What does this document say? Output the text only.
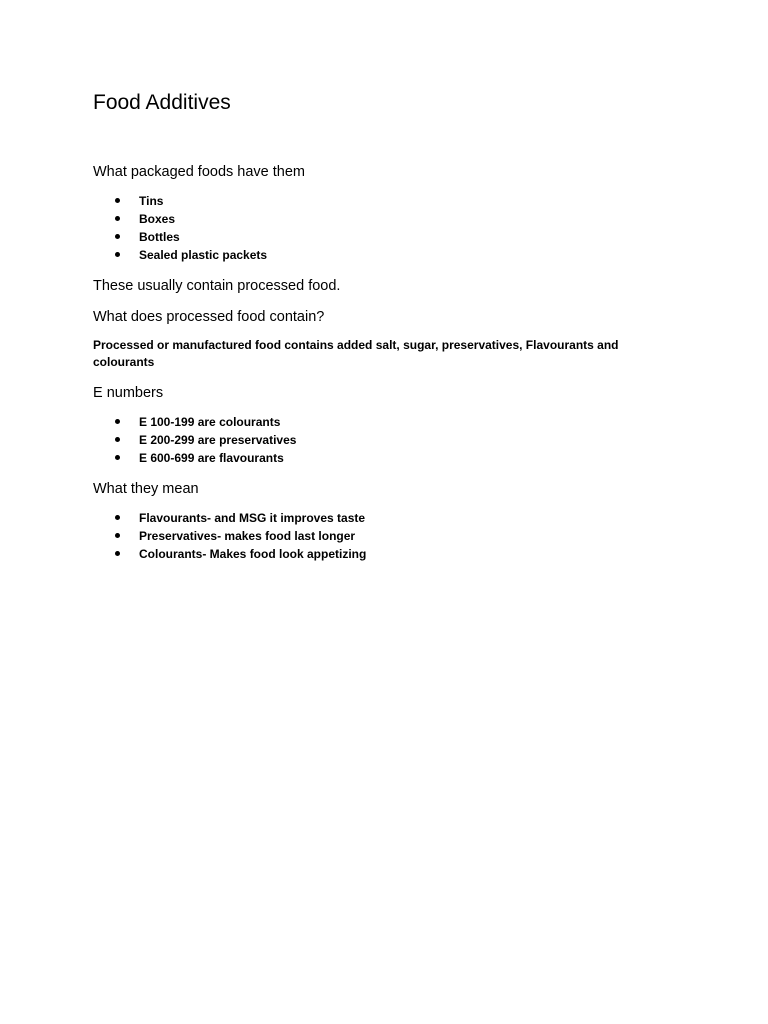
Food Additives
What packaged foods have them
Tins
Boxes
Bottles
Sealed plastic packets

These usually contain processed food.

What does processed food contain?

Processed or manufactured food contains added salt, sugar, preservatives, Flavourants and colourants

E numbers
E 100-199 are colourants
E 200-299 are preservatives
E 600-699 are flavourants
What they mean
Flavourants- and MSG it improves taste
Preservatives- makes food last longer
Colourants- Makes food look appetizing
